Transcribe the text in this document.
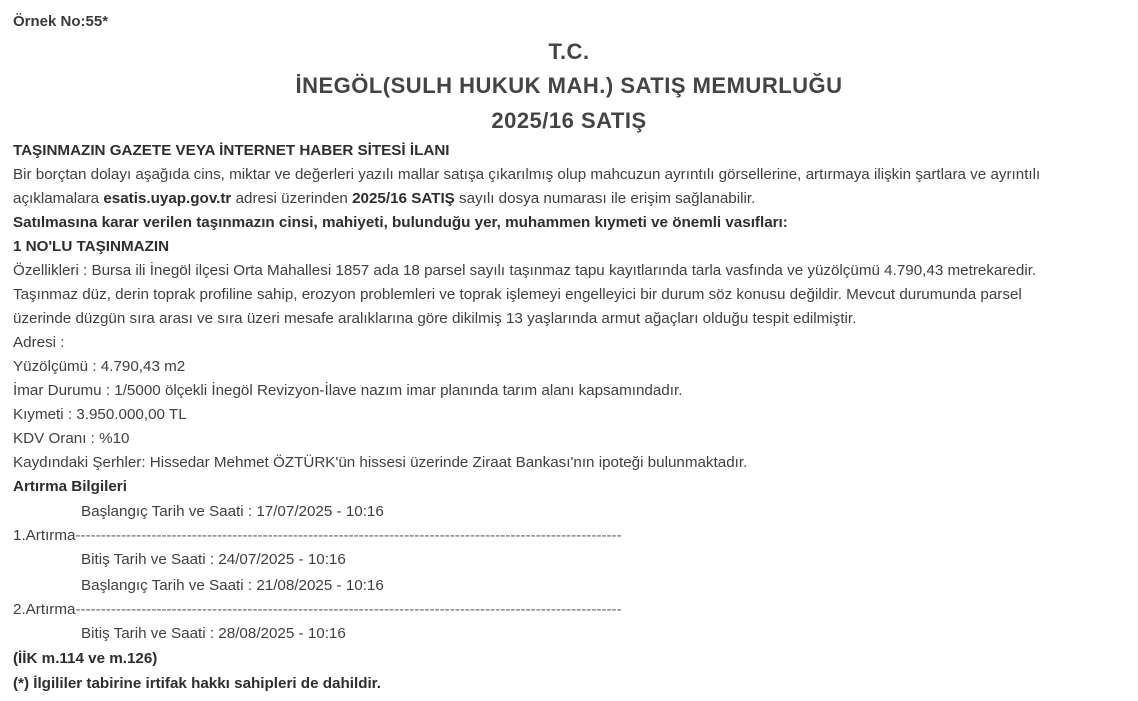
Örnek No:55*
T.C.
İNEGÖL(SULH HUKUK MAH.) SATIŞ MEMURLUĞU
2025/16 SATIŞ
TAŞINMAZIN GAZETE VEYA İNTERNET HABER SİTESİ İLANI
Bir borçtan dolayı aşağıda cins, miktar ve değerleri yazılı mallar satışa çıkarılmış olup mahcuzun ayrıntılı görsellerine, artırmaya ilişkin şartlara ve ayrıntılı
açıklamalara esatis.uyap.gov.tr adresi üzerinden 2025/16 SATIŞ sayılı dosya numarası ile erişim sağlanabilir.
Satılmasına karar verilen taşınmazın cinsi, mahiyeti, bulunduğu yer, muhammen kıymeti ve önemli vasıfları:
1 NO'LU TAŞINMAZIN
Özellikleri : Bursa ili İnegöl ilçesi Orta Mahallesi 1857 ada 18 parsel sayılı taşınmaz tapu kayıtlarında tarla vasfında ve yüzölçümü 4.790,43 metrekaredir.
Taşınmaz düz, derin toprak profiline sahip, erozyon problemleri ve toprak işlemeyi engelleyici bir durum söz konusu değildir. Mevcut durumunda parsel
üzerinde düzgün sıra arası ve sıra üzeri mesafe aralıklarına göre dikilmiş 13 yaşlarında armut ağaçları olduğu tespit edilmiştir.
Adresi :
Yüzölçümü : 4.790,43 m2
İmar Durumu : 1/5000 ölçekli İnegöl Revizyon-İlave nazım imar planında tarım alanı kapsamındadır.
Kıymeti : 3.950.000,00 TL
KDV Oranı : %10
Kaydındaki Şerhler: Hissedar Mehmet ÖZTÜRK'ün hissesi üzerinde Ziraat Bankası'nın ipoteği bulunmaktadır.
Artırma Bilgileri
Başlangıç Tarih ve Saati : 17/07/2025 - 10:16
1.Artırma------------------------------------------------------------------------------------------------------------
Bitiş Tarih ve Saati : 24/07/2025 - 10:16
Başlangıç Tarih ve Saati : 21/08/2025 - 10:16
2.Artırma------------------------------------------------------------------------------------------------------------
Bitiş Tarih ve Saati : 28/08/2025 - 10:16
(İİK m.114 ve m.126)
(*) İlgililer tabirine irtifak hakkı sahipleri de dahildir.
